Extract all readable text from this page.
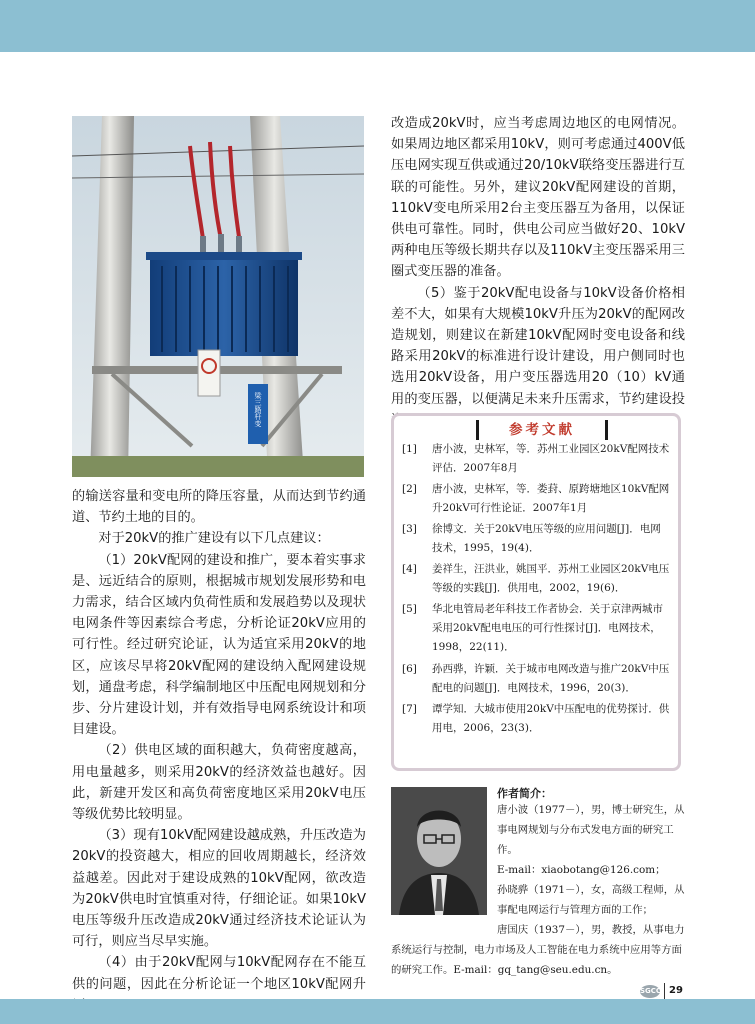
梁三路杆变

的输送容量和变电所的降压容量，从而达到节约通道、节约土地的目的。

对于20kV的推广建设有以下几点建议：

（1）20kV配网的建设和推广，要本着实事求是、远近结合的原则，根据城市规划发展形势和电力需求，结合区域内负荷性质和发展趋势以及现状电网条件等因素综合考虑，分析论证20kV应用的可行性。经过研究论证，认为适宜采用20kV的地区，应该尽早将20kV配网的建设纳入配网建设规划，通盘考虑，科学编制地区中压配电网规划和分步、分片建设计划，并有效指导电网系统设计和项目建设。

（2）供电区域的面积越大，负荷密度越高，用电量越多，则采用20kV的经济效益也越好。因此，新建开发区和高负荷密度地区采用20kV电压等级优势比较明显。

（3）现有10kV配网建设越成熟，升压改造为20kV的投资越大，相应的回收周期越长，经济效益越差。因此对于建设成熟的10kV配网，欲改造为20kV供电时宜慎重对待，仔细论证。如果10kV电压等级升压改造成20kV通过经济技术论证认为可行，则应当尽早实施。

（4）由于20kV配网与10kV配网存在不能互供的问题，因此在分析论证一个地区10kV配网升

改造成20kV时，应当考虑周边地区的电网情况。如果周边地区都采用10kV，则可考虑通过400V低压电网实现互供或通过20/10kV联络变压器进行互联的可能性。另外，建议20kV配网建设的首期，110kV变电所采用2台主变压器互为备用，以保证供电可靠性。同时，供电公司应当做好20、10kV两种电压等级长期共存以及110kV主变压器采用三圈式变压器的准备。

（5）鉴于20kV配电设备与10kV设备价格相差不大，如果有大规模10kV升压为20kV的配网改造规划，则建议在新建10kV配网时变电设备和线路采用20kV的标准进行设计建设，用户侧同时也选用20kV设备，用户变压器选用20（10）kV通用的变压器，以便满足未来升压需求，节约建设投

参考文献
[1]	唐小波，史林军，等．苏州工业园区20kV配网技术评估．2007年8月
[2]	唐小波，史林军，等．娄葑、原跨塘地区10kV配网升20kV可行性论证．2007年1月
[3]	徐博文．关于20kV电压等级的应用问题[J]．电网技术，1995，19(4)．
[4]	姜祥生，汪洪业，姚国平．苏州工业园区20kV电压等级的实践[J]．供用电，2002，19(6)．
[5]	华北电管局老年科技工作者协会．关于京津两城市采用20kV配电电压的可行性探讨[J]．电网技术，1998，22(11)．
[6]	孙西骅，许颖．关于城市电网改造与推广20kV中压配电的问题[J]．电网技术，1996，20(3)．
[7]	谭学知．大城市使用20kV中压配电的优势探讨．供用电，2006，23(3)．
作者简介：

唐小波（1977－），男，博士研究生，从事电网规划与分布式发电方面的研究工作。

E-mail：xiaobotang@126.com；

孙晓骅（1971－），女，高级工程师，从事配电网运行与管理方面的工作；

唐国庆（1937－），男，教授，从事电力系统运行与控制，电力市场及人工智能在电力系统中应用等方面的研究工作。E-mail：gq_tang@seu.edu.cn。

SGCC 29
